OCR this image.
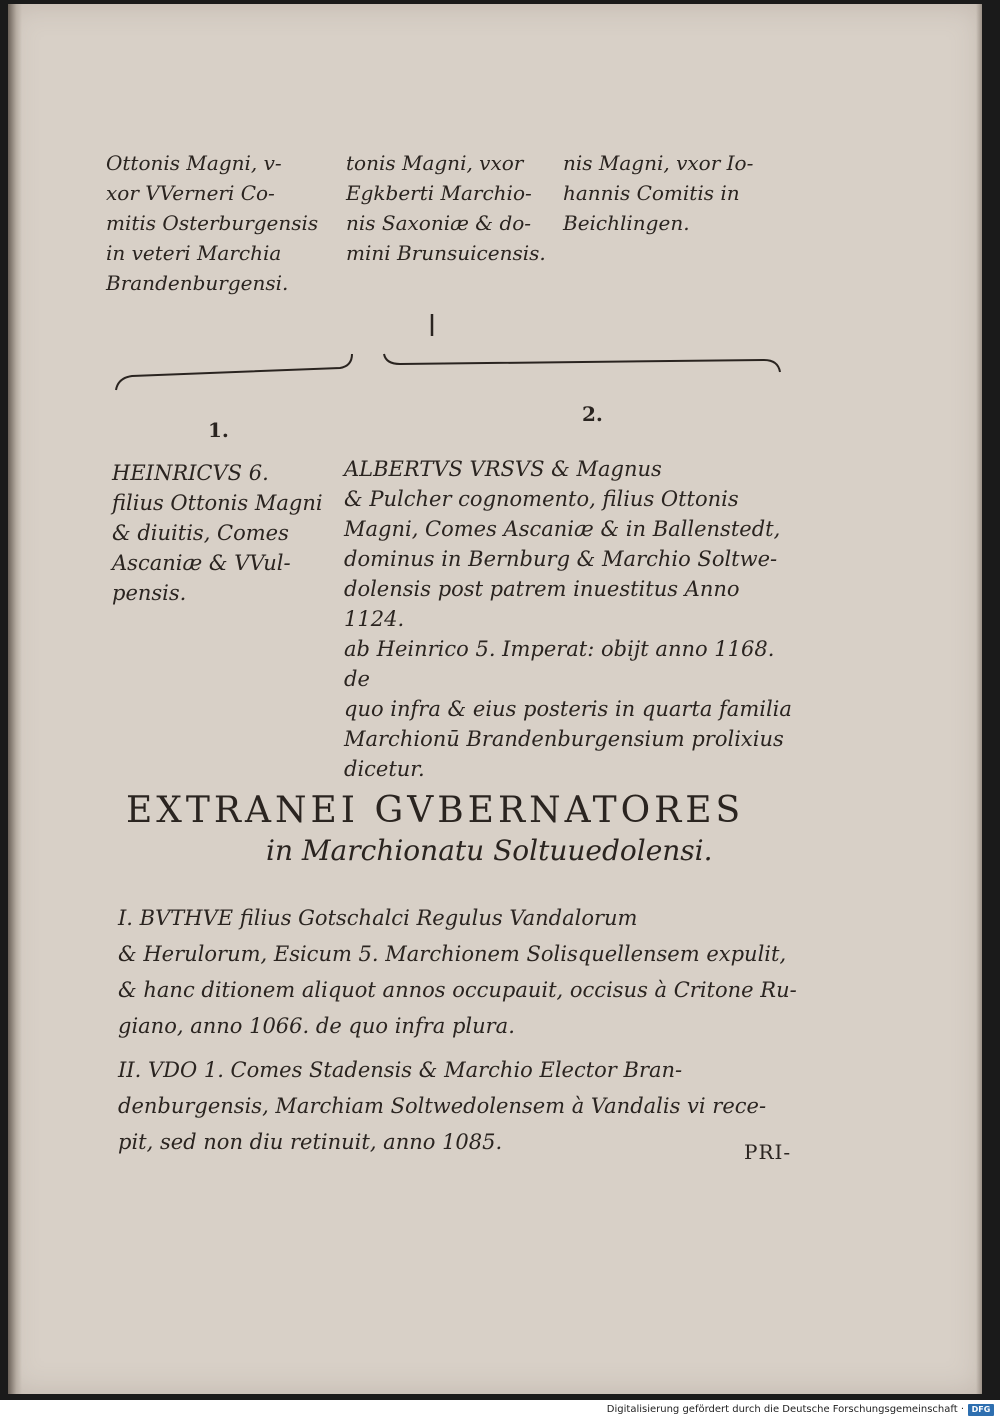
Ottonis Magni, v-
xor VVerneri Co-
mitis Osterburgensis
in veteri Marchia
Brandenburgensi.
tonis Magni, vxor
Egkberti Marchio-
nis Saxoniæ & do-
mini Brunsuicensis.
nis Magni, vxor Io-
hannis Comitis in
Beichlingen.
1.
2.
HEINRICVS 6.
filius Ottonis Magni
& diuitis, Comes
Ascaniæ & VVul-
pensis.
ALBERTVS VRSVS & Magnus
& Pulcher cognomento, filius Ottonis
Magni, Comes Ascaniæ & in Ballenstedt,
dominus in Bernburg & Marchio Soltwe-
dolensis post patrem inuestitus Anno 1124.
ab Heinrico 5. Imperat: obijt anno 1168. de
quo infra & eius posteris in quarta familia
Marchionū Brandenburgensium prolixius
dicetur.
EXTRANEI GVBERNATORES
in Marchionatu Soltuuedolensi.
I. BVTHVE filius Gotschalci Regulus Vandalorum
& Herulorum, Esicum 5. Marchionem Solisquellensem expulit,
& hanc ditionem aliquot annos occupauit, occisus à Critone Ru-
giano, anno 1066. de quo infra plura.
II. VDO 1. Comes Stadensis & Marchio Elector Bran-
denburgensis, Marchiam Soltwedolensem à Vandalis vi rece-
pit, sed non diu retinuit, anno 1085.	PRI-
Digitalisierung gefördert durch die Deutsche Forschungsgemeinschaft · DFG
